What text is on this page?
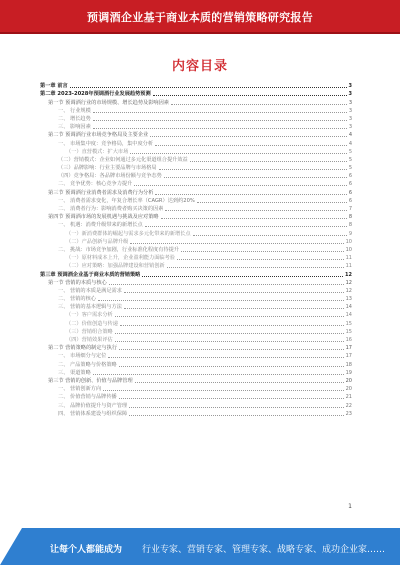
预调酒企业基于商业本质的营销策略研究报告
内容目录
第一章 前言	3
第二章 2023-2028年预调酒行业发展趋势预测	3
第一节 预调酒行业的市场规模、增长趋势及影响因素	3
一、 行业规模	3
二、 增长趋势	3
三、 影响因素	3
第二节 预调酒行业市场竞争格局及主要企业	4
一、 市场集中度：竞争格局，集中度分析	4
（一）直营模式：扩大市场	5
（二）营销模式：企业如何通过多元化渠道组合提升效益	5
（三）品牌影响：行业主要品牌与市场格局	5
（四）竞争格局：各品牌市场份额与竞争态势	6
二、 竞争优势：核心竞争力提升	6
第三节 预调酒行业消费者需求及消费行为分析	6
一、 消费者需求变化，年复合增长率（CAGR）达到约20%	6
二、 消费者行为：影响消费者购买决策的因素	7
第四节 预调酒市场的发展机遇与挑战及应对策略	8
一、 机遇：消费升级带来的新增长点	8
（一）新消费群体的崛起与需求多元化带来的新增长点	9
（二）产品创新与品牌升级	10
二、 挑战：市场竞争加剧，行业标准化程度有待提升	10
（一）原材料成本上升，企业盈利能力面临考验	11
（二）应对策略：加强品牌建设和营销创新	11
第三章 预调酒企业基于商业本质的营销策略	12
第一节 营销的本质与核心	12
一、 营销的本质是满足需求	12
二、 营销的核心	13
三、 营销的基本逻辑与方法	14
（一）客户需求分析	14
（二）价值创造与传递	15
（三）营销组合策略	15
（四）营销效果评估	16
第二节 营销策略的制定与执行	17
一、 市场细分与定位	17
二、 产品策略与价格策略	18
三、 渠道策略	19
第三节 营销的创新、价值与品牌管理	20
一、 营销创新方向	20
二、 价值营销与品牌传播	21
三、 品牌价值提升与资产管理	22
四、 营销体系建设与组织保障	23
1
让每个人都能成为 行业专家、营销专家、管理专家、战略专家、成功企业家……
